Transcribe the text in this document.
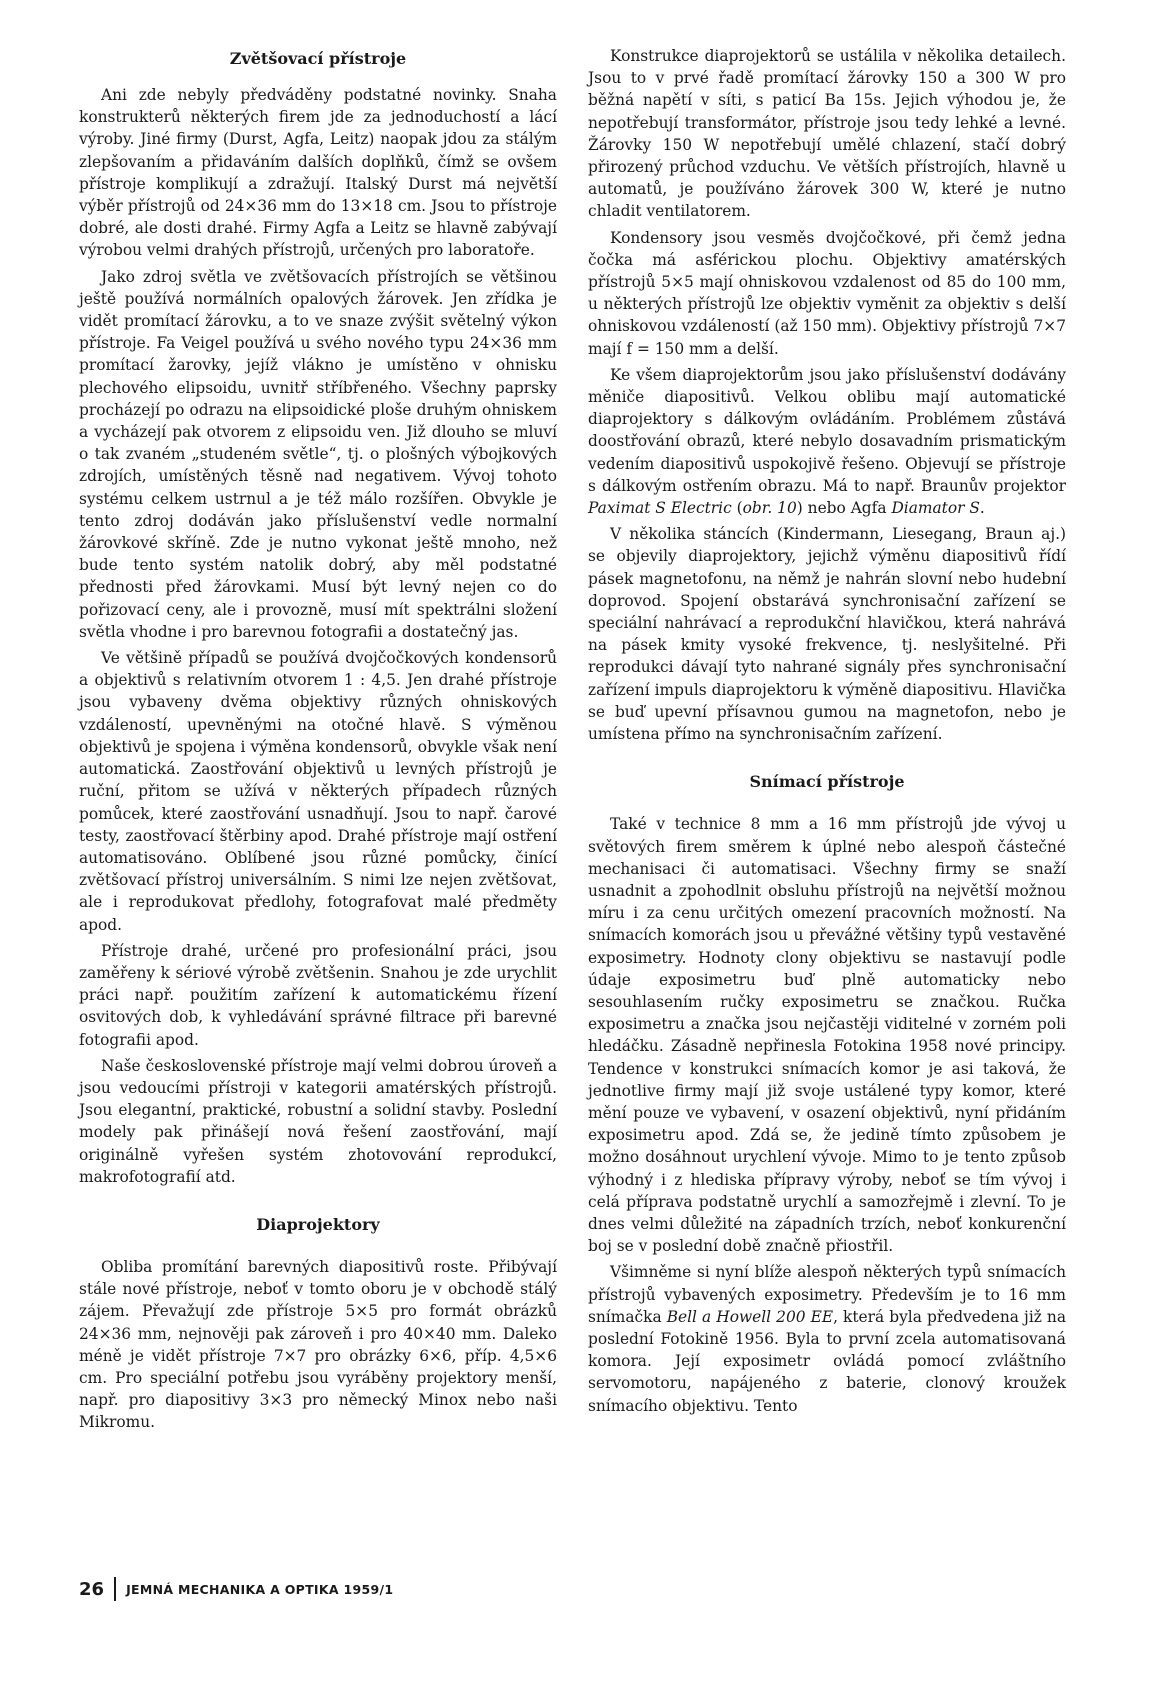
Zvětšovací přístroje

Ani zde nebyly předváděny podstatné novinky. Snaha konstrukterů některých firem jde za jednoduchostí a lácí výroby. Jiné firmy (Durst, Agfa, Leitz) naopak jdou za stálým zlepšovaním a přidaváním dalších doplňků, čímž se ovšem přístroje komplikují a zdražují. Italský Durst má největší výběr přístrojů od 24×36 mm do 13×18 cm. Jsou to přístroje dobré, ale dosti drahé. Firmy Agfa a Leitz se hlavně zabývají výrobou velmi drahých přístrojů, určených pro laboratoře.

Jako zdroj světla ve zvětšovacích přístrojích se většinou ještě používá normálních opalových žárovek. Jen zřídka je vidět promítací žárovku, a to ve snaze zvýšit světelný výkon přístroje. Fa Veigel používá u svého nového typu 24×36 mm promítací žarovky, jejíž vlákno je umístěno v ohnisku plechového elipsoidu, uvnitř stříbřeného. Všechny paprsky procházejí po odrazu na elipsoidické ploše druhým ohniskem a vycházejí pak otvorem z elipsoidu ven. Již dlouho se mluví o tak zvaném „studeném světle“, tj. o plošných výbojkových zdrojích, umístěných těsně nad negativem. Vývoj tohoto systému celkem ustrnul a je též málo rozšířen. Obvykle je tento zdroj dodáván jako příslušenství vedle normalní žárovkové skříně. Zde je nutno vykonat ještě mnoho, než bude tento systém natolik dobrý, aby měl podstatné přednosti před žárovkami. Musí být levný nejen co do pořizovací ceny, ale i provozně, musí mít spektrálni složení světla vhodne i pro barevnou fotografii a dostatečný jas.

Ve většině případů se používá dvojčočkových kondensorů a objektivů s relativním otvorem 1 : 4,5. Jen drahé přístroje jsou vybaveny dvěma objektivy různých ohniskových vzdáleností, upevněnými na otočné hlavě. S výměnou objektivů je spojena i výměna kondensorů, obvykle však není automatická. Zaostřování objektivů u levných přístrojů je ruční, přitom se užívá v některých případech různých pomůcek, které zaostřování usnadňují. Jsou to např. čarové testy, zaostřovací štěrbiny apod. Drahé přístroje mají ostření automatisováno. Oblíbené jsou různé pomůcky, činící zvětšovací přístroj universálním. S nimi lze nejen zvětšovat, ale i reprodukovat předlohy, fotografovat malé předměty apod.

Přístroje drahé, určené pro profesionální práci, jsou zaměřeny k sériové výrobě zvětšenin. Snahou je zde urychlit práci např. použitím zařízení k automatickému řízení osvitových dob, k vyhledávání správné filtrace při barevné fotografii apod.

Naše československé přístroje mají velmi dobrou úroveň a jsou vedoucími přístroji v kategorii amatérských přístrojů. Jsou elegantní, praktické, robustní a solidní stavby. Poslední modely pak přinášejí nová řešení zaostřování, mají originálně vyřešen systém zhotovování reprodukcí, makrofotografií atd.

Diaprojektory

Obliba promítání barevných diapositivů roste. Přibývají stále nové přístroje, neboť v tomto oboru je v obchodě stálý zájem. Převažují zde přístroje 5×5 pro formát obrázků 24×36 mm, nejnověji pak zároveň i pro 40×40 mm. Daleko méně je vidět přístroje 7×7 pro obrázky 6×6, příp. 4,5×6 cm. Pro speciální potřebu jsou vyráběny projektory menší, např. pro diapositivy 3×3 pro německý Minox nebo naši Mikromu.

Konstrukce diaprojektorů se ustálila v několika detailech. Jsou to v prvé řadě promítací žárovky 150 a 300 W pro běžná napětí v síti, s paticí Ba 15s. Jejich výhodou je, že nepotřebují transformátor, přístroje jsou tedy lehké a levné. Žárovky 150 W nepotřebují umělé chlazení, stačí dobrý přirozený průchod vzduchu. Ve větších přístrojích, hlavně u automatů, je používáno žárovek 300 W, které je nutno chladit ventilatorem.

Kondensory jsou vesměs dvojčočkové, při čemž jedna čočka má asférickou plochu. Objektivy amatérských přístrojů 5×5 mají ohniskovou vzdalenost od 85 do 100 mm, u některých přístrojů lze objektiv vyměnit za objektiv s delší ohniskovou vzdáleností (až 150 mm). Objektivy přístrojů 7×7 mají f = 150 mm a delší.

Ke všem diaprojektorům jsou jako příslušenství dodávány měniče diapositivů. Velkou oblibu mají automatické diaprojektory s dálkovým ovládáním. Problémem zůstává doostřování obrazů, které nebylo dosavadním prismatickým vedením diapositivů uspokojivě řešeno. Objevují se přístroje s dálkovým ostřením obrazu. Má to např. Braunův projektor Paximat S Electric (obr. 10) nebo Agfa Diamator S.

V několika stáncích (Kindermann, Liesegang, Braun aj.) se objevily diaprojektory, jejichž výměnu diapositivů řídí pásek magnetofonu, na němž je nahrán slovní nebo hudební doprovod. Spojení obstarává synchronisační zařízení se speciální nahrávací a reprodukční hlavičkou, která nahrává na pásek kmity vysoké frekvence, tj. neslyšitelné. Při reprodukci dávají tyto nahrané signály přes synchronisační zařízení impuls diaprojektoru k výměně diapositivu. Hlavička se buď upevní přísavnou gumou na magnetofon, nebo je umístena přímo na synchronisačním zařízení.

Snímací přístroje

Také v technice 8 mm a 16 mm přístrojů jde vývoj u světových firem směrem k úplné nebo alespoň částečné mechanisaci či automatisaci. Všechny firmy se snaží usnadnit a zpohodlnit obsluhu přístrojů na největší možnou míru i za cenu určitých omezení pracovních možností. Na snímacích komorách jsou u převážné většiny typů vestavěné exposimetry. Hodnoty clony objektivu se nastavují podle údaje exposimetru buď plně automaticky nebo sesouhlasením ručky exposimetru se značkou. Ručka exposimetru a značka jsou nejčastěji viditelné v zorném poli hledáčku. Zásadně nepřinesla Fotokina 1958 nové principy. Tendence v konstrukci snímacích komor je asi taková, že jednotlive firmy mají již svoje ustálené typy komor, které mění pouze ve vybavení, v osazení objektivů, nyní přidáním exposimetru apod. Zdá se, že jedině tímto způsobem je možno dosáhnout urychlení vývoje. Mimo to je tento způsob výhodný i z hlediska přípravy výroby, neboť se tím vývoj i celá příprava podstatně urychlí a samozřejmě i zlevní. To je dnes velmi důležité na západních trzích, neboť konkurenční boj se v poslední době značně přiostřil.

Všimněme si nyní blíže alespoň některých typů snímacích přístrojů vybavených exposimetry. Především je to 16 mm snímačka Bell a Howell 200 EE, která byla předvedena již na poslední Fotokině 1956. Byla to první zcela automatisovaná komora. Její exposimetr ovládá pomocí zvláštního servomotoru, napájeného z baterie, clonový kroužek snímacího objektivu. Tento

26 JEMNÁ MECHANIKA A OPTIKA 1959/1
